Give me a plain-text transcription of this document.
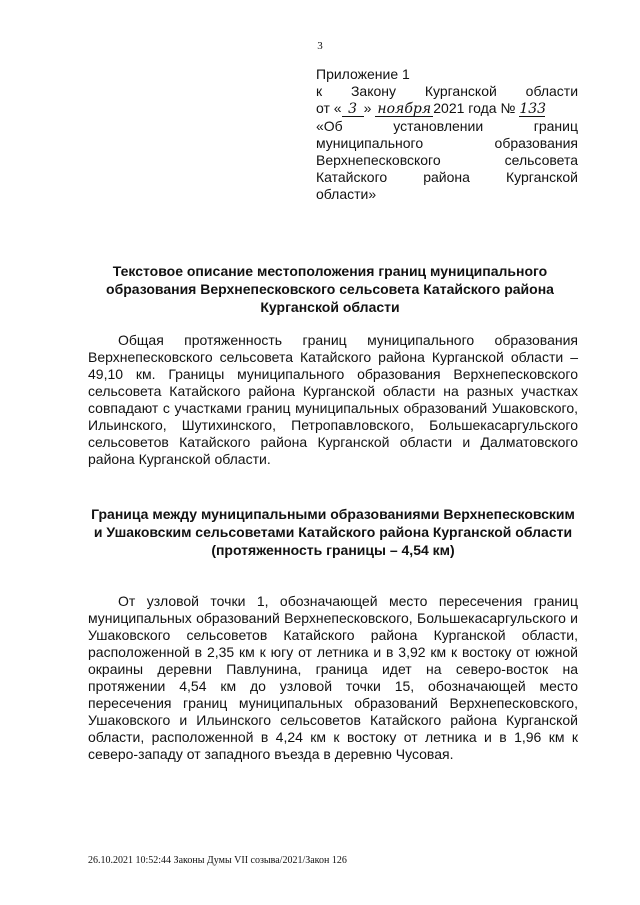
3
Приложение 1
к Закону Курганской области
от « 3 » ноября 2021 года № 133
«Об	установлении	границ
муниципального	образования
Верхнепесковского	сельсовета
Катайского	района	Курганской
области»
Текстовое описание местоположения границ муниципального образования Верхнепесковского сельсовета Катайского района Курганской области

Общая протяженность границ муниципального образования Верхнепесковского сельсовета Катайского района Курганской области – 49,10 км. Границы муниципального образования Верхнепесковского сельсовета Катайского района Курганской области на разных участках совпадают с участками границ муниципальных образований Ушаковского, Ильинского, Шутихинского, Петропавловского, Большекасаргульского сельсоветов Катайского района Курганской области и Далматовского района Курганской области.

Граница между муниципальными образованиями Верхнепесковским и Ушаковским сельсоветами Катайского района Курганской области (протяженность границы – 4,54 км)

От узловой точки 1, обозначающей место пересечения границ муниципальных образований Верхнепесковского, Большекасаргульского и Ушаковского сельсоветов Катайского района Курганской области, расположенной в 2,35 км к югу от летника и в 3,92 км к востоку от южной окраины деревни Павлунина, граница идет на северо-восток на протяжении 4,54 км до узловой точки 15, обозначающей место пересечения границ муниципальных образований Верхнепесковского, Ушаковского и Ильинского сельсоветов Катайского района Курганской области, расположенной в 4,24 км к востоку от летника и в 1,96 км к северо-западу от западного въезда в деревню Чусовая.

26.10.2021 10:52:44 Законы Думы VII созыва/2021/Закон 126
